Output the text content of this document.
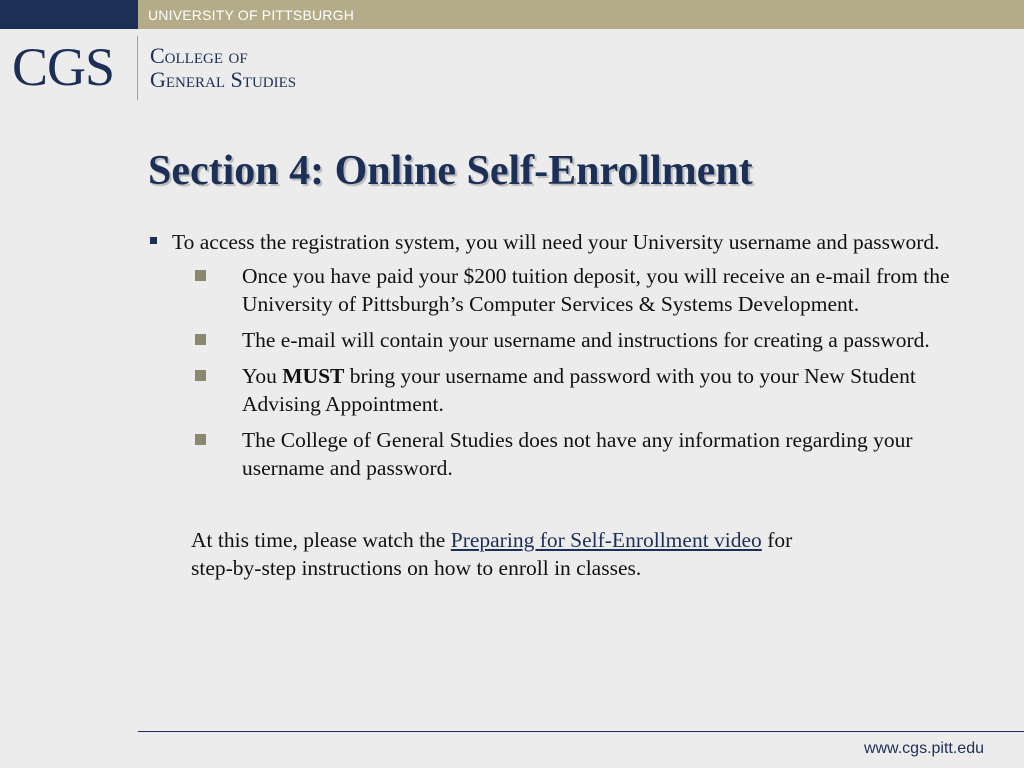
UNIVERSITY OF PITTSBURGH
CGS College of
General Studies
Section 4: Online Self-Enrollment
To access the registration system, you will need your University username and password.
Once you have paid your $200 tuition deposit, you will receive an e-mail from the University of Pittsburgh’s Computer Services & Systems Development.
The e-mail will contain your username and instructions for creating a password.
You MUST bring your username and password with you to your New Student Advising Appointment.
The College of General Studies does not have any information regarding your username and password.
At this time, please watch the Preparing for Self-Enrollment video for
step-by-step instructions on how to enroll in classes.
www.cgs.pitt.edu
